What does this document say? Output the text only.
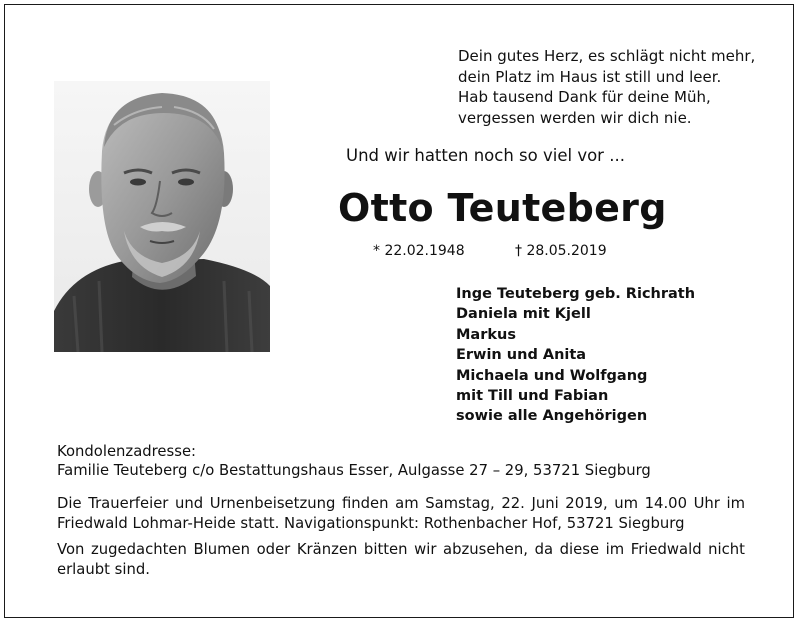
Dein gutes Herz, es schlägt nicht mehr,
dein Platz im Haus ist still und leer.
Hab tausend Dank für deine Müh,
vergessen werden wir dich nie.
Und wir hatten noch so viel vor ...
Otto Teuteberg
* 22.02.1948	† 28.05.2019
Inge Teuteberg geb. Richrath
Daniela mit Kjell
Markus
Erwin und Anita
Michaela und Wolfgang
mit Till und Fabian
sowie alle Angehörigen
Kondolenzadresse:
Familie Teuteberg c/o Bestattungshaus Esser, Aulgasse 27 – 29, 53721 Siegburg

Die Trauerfeier und Urnenbeisetzung finden am Samstag, 22. Juni 2019, um 14.00 Uhr im Friedwald Lohmar-Heide statt. Navigationspunkt: Rothenbacher Hof, 53721 Siegburg

Von zugedachten Blumen oder Kränzen bitten wir abzusehen, da diese im Friedwald nicht erlaubt sind.
